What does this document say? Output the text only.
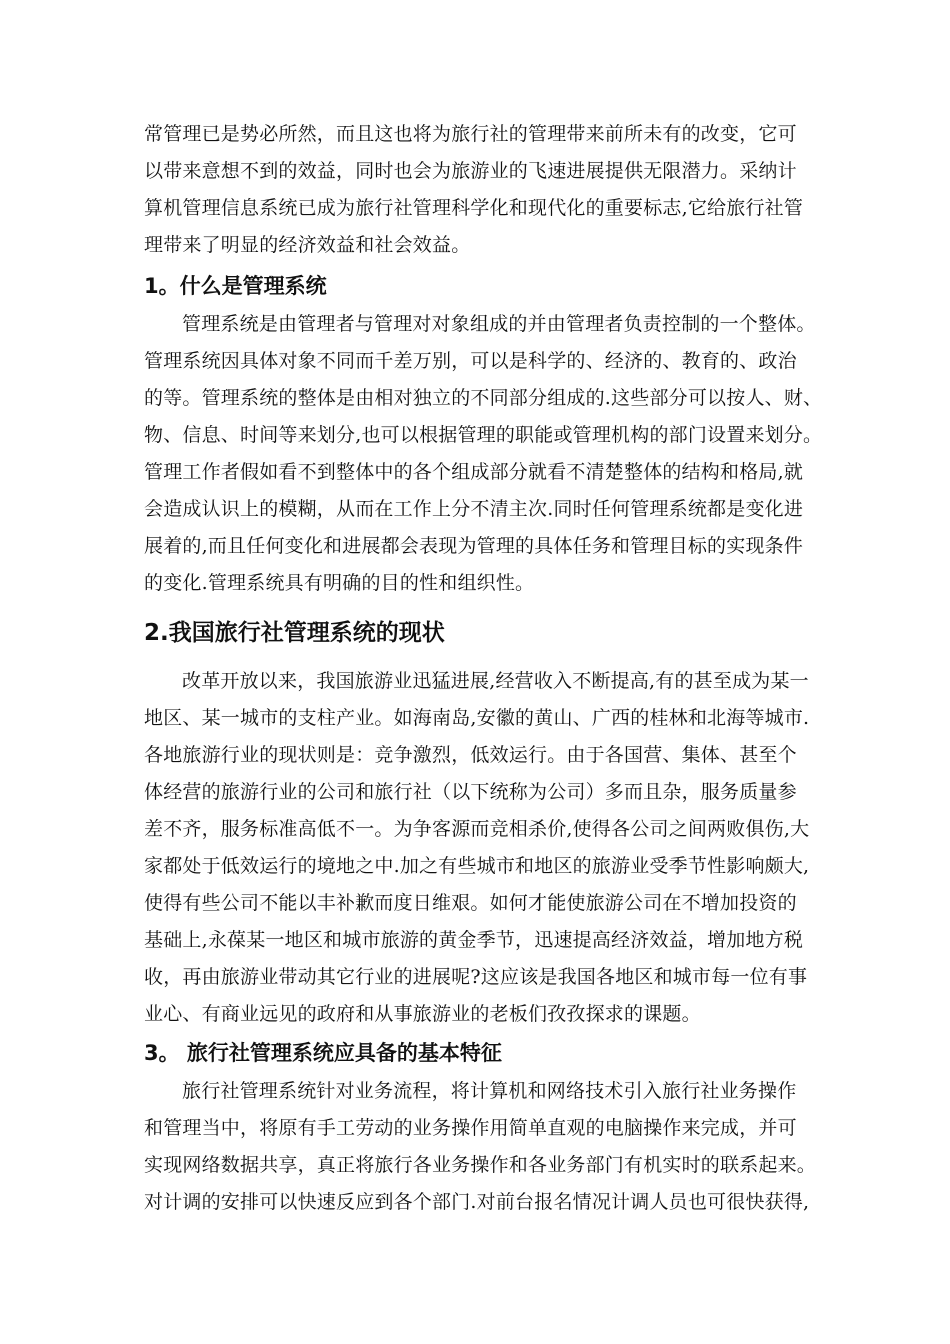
常管理已是势必所然，而且这也将为旅行社的管理带来前所未有的改变，它可
以带来意想不到的效益，同时也会为旅游业的飞速进展提供无限潜力。采纳计
算机管理信息系统已成为旅行社管理科学化和现代化的重要标志,它给旅行社管
理带来了明显的经济效益和社会效益。
1。什么是管理系统
管理系统是由管理者与管理对对象组成的并由管理者负责控制的一个整体。
管理系统因具体对象不同而千差万别，可以是科学的、经济的、教育的、政治
的等。管理系统的整体是由相对独立的不同部分组成的.这些部分可以按人、财、
物、信息、时间等来划分,也可以根据管理的职能或管理机构的部门设置来划分。
管理工作者假如看不到整体中的各个组成部分就看不清楚整体的结构和格局,就
会造成认识上的模糊，从而在工作上分不清主次.同时任何管理系统都是变化进
展着的,而且任何变化和进展都会表现为管理的具体任务和管理目标的实现条件
的变化.管理系统具有明确的目的性和组织性。
2.我国旅行社管理系统的现状
改革开放以来，我国旅游业迅猛进展,经营收入不断提高,有的甚至成为某一
地区、某一城市的支柱产业。如海南岛,安徽的黄山、广西的桂林和北海等城市.
各地旅游行业的现状则是：竞争激烈，低效运行。由于各国营、集体、甚至个
体经营的旅游行业的公司和旅行社（以下统称为公司）多而且杂，服务质量参
差不齐，服务标准高低不一。为争客源而竞相杀价,使得各公司之间两败俱伤,大
家都处于低效运行的境地之中.加之有些城市和地区的旅游业受季节性影响颇大,
使得有些公司不能以丰补歉而度日维艰。如何才能使旅游公司在不增加投资的
基础上,永葆某一地区和城市旅游的黄金季节，迅速提高经济效益，增加地方税
收，再由旅游业带动其它行业的进展呢?这应该是我国各地区和城市每一位有事
业心、有商业远见的政府和从事旅游业的老板们孜孜探求的课题。
3。 旅行社管理系统应具备的基本特征
旅行社管理系统针对业务流程，将计算机和网络技术引入旅行社业务操作
和管理当中，将原有手工劳动的业务操作用简单直观的电脑操作来完成，并可
实现网络数据共享，真正将旅行各业务操作和各业务部门有机实时的联系起来。
对计调的安排可以快速反应到各个部门.对前台报名情况计调人员也可很快获得,
